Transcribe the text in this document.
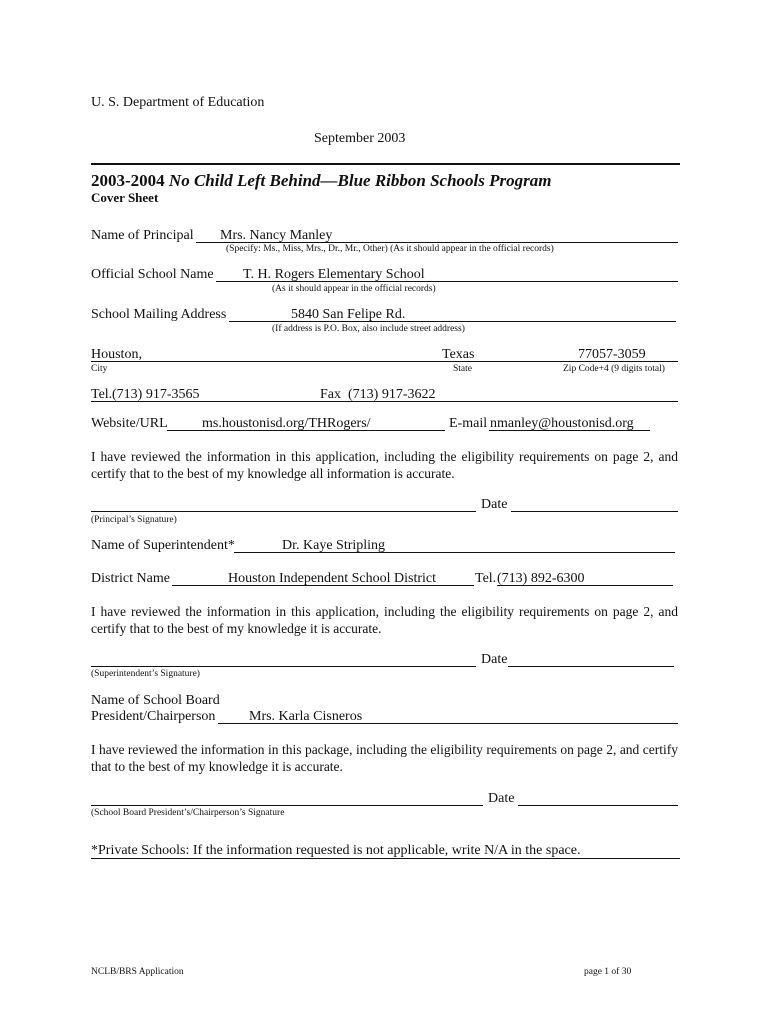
U. S. Department of Education
September 2003
2003-2004 No Child Left Behind—Blue Ribbon Schools Program
Cover Sheet
Name of Principal Mrs. Nancy Manley
(Specify: Ms., Miss, Mrs., Dr., Mr., Other) (As it should appear in the official records)
Official School Name T. H. Rogers Elementary School
(As it should appear in the official records)
School Mailing Address	5840 San Felipe Rd.
(If address is P.O. Box, also include street address)
Houston,	Texas	77057-3059
City	State	Zip Code+4 (9 digits total)
Tel. (713) 917-3565	Fax (713) 917-3622
Website/URL ms.houstonisd.org/THRogers/	E-mail nmanley@houstonisd.org
I have reviewed the information in this application, including the eligibility requirements on page 2, and certify that to the best of my knowledge all information is accurate.
Date
(Principal’s Signature)
Name of Superintendent*	Dr. Kaye Stripling
District Name	Houston Independent School District	Tel. (713) 892-6300
I have reviewed the information in this application, including the eligibility requirements on page 2, and certify that to the best of my knowledge it is accurate.
Date
(Superintendent’s Signature)
Name of School Board
President/Chairperson Mrs. Karla Cisneros
I have reviewed the information in this package, including the eligibility requirements on page 2, and certify that to the best of my knowledge it is accurate.
Date
(School Board President’s/Chairperson’s Signature
*Private Schools: If the information requested is not applicable, write N/A in the space.
NCLB/BRS Application	page 1 of 30
